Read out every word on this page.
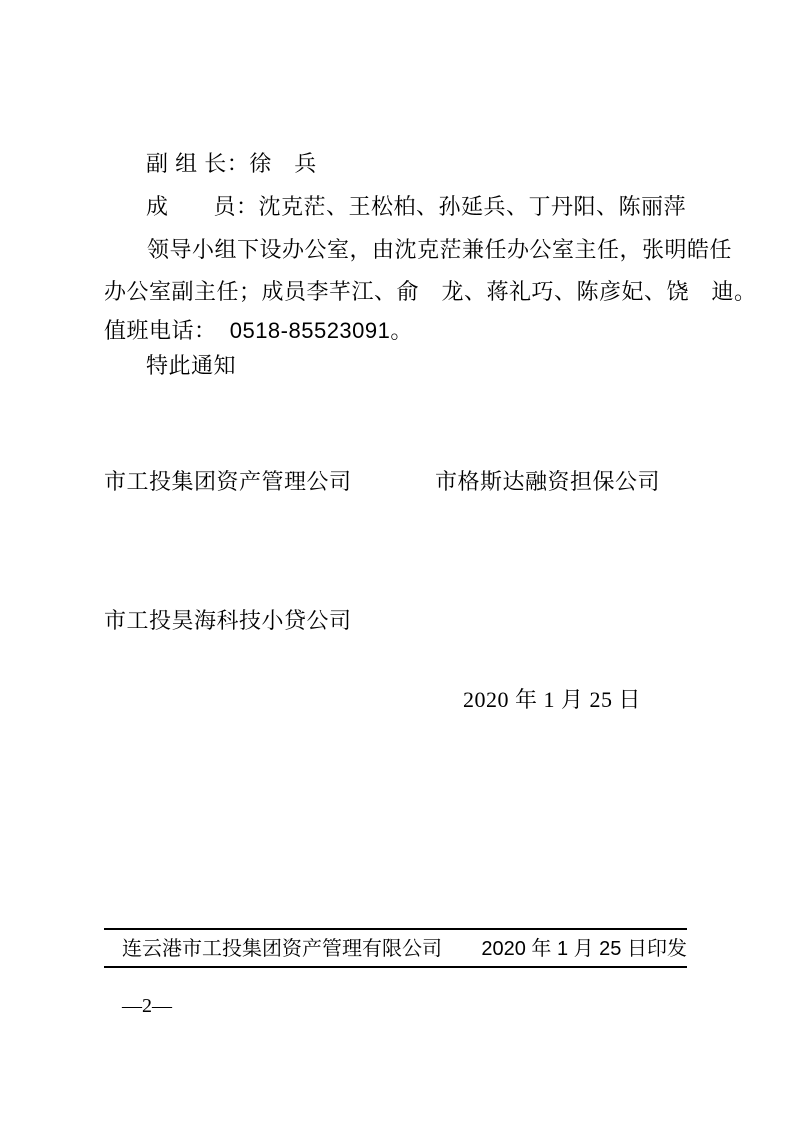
副 组 长：徐　兵
成　　员：沈克茫、王松柏、孙延兵、丁丹阳、陈丽萍
领导小组下设办公室，由沈克茫兼任办公室主任，张明皓任
办公室副主任；成员李芊江、俞　龙、蒋礼巧、陈彦妃、饶　迪。
值班电话：  0518-85523091。
特此通知
市工投集团资产管理公司	市格斯达融资担保公司
市工投昊海科技小贷公司
2020 年 1 月 25 日
连云港市工投集团资产管理有限公司 2020 年 1 月 25 日印发
—2—
